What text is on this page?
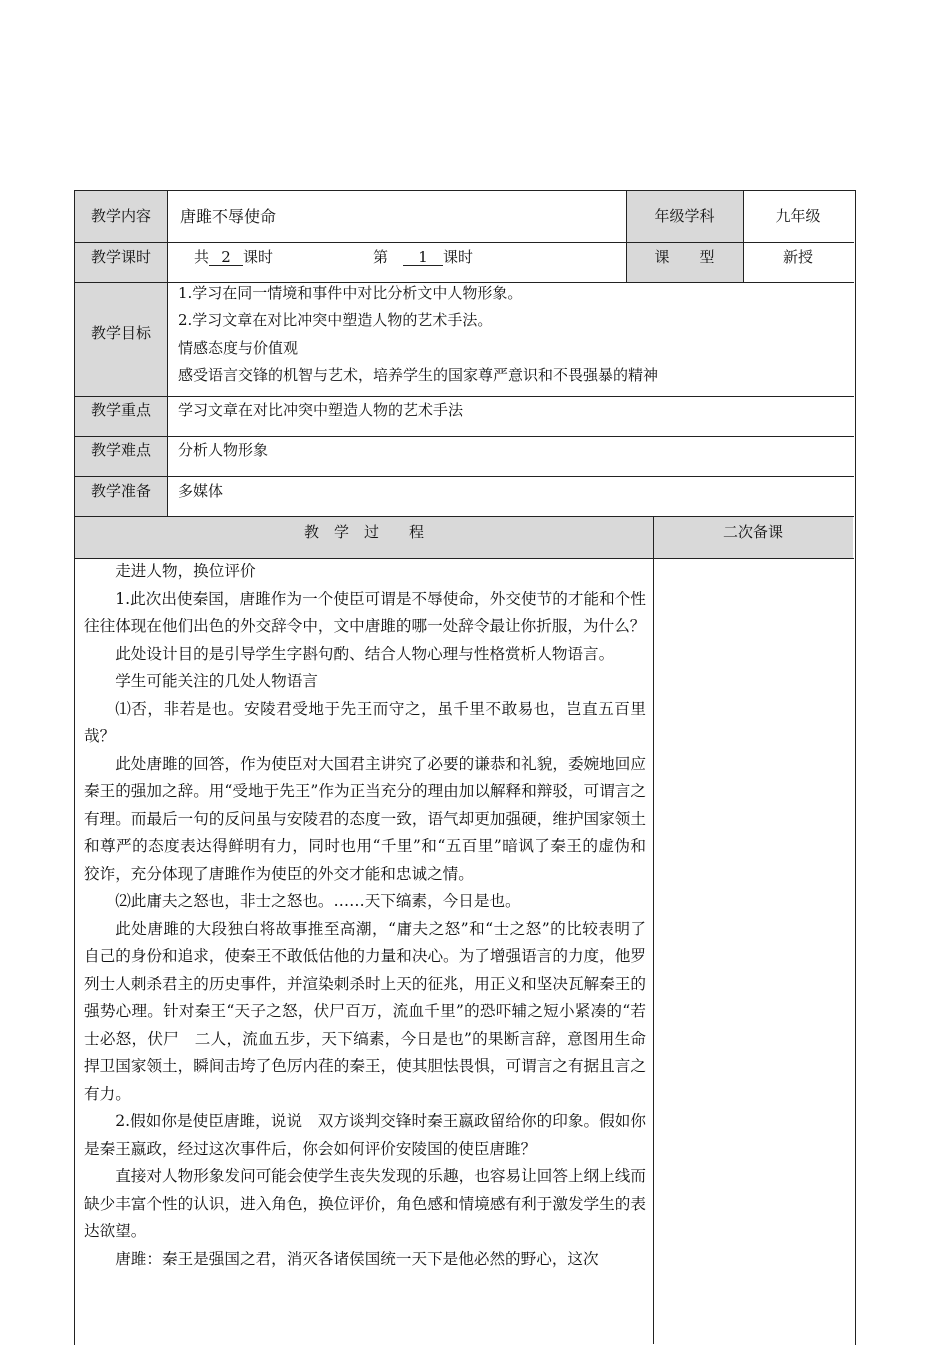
教学内容	唐雎不辱使命	年级学科	九年级
教学课时	共 2 课时	第　 1 课时	课　　型	新授
教学目标
1.学习在同一情境和事件中对比分析文中人物形象。
2.学习文章在对比冲突中塑造人物的艺术手法。
情感态度与价值观
感受语言交锋的机智与艺术，培养学生的国家尊严意识和不畏强暴的精神
教学重点	学习文章在对比冲突中塑造人物的艺术手法
教学难点	分析人物形象
教学准备	多媒体
教　学　过　　程	二次备课

走进人物，换位评价

1.此次出使秦国，唐雎作为一个使臣可谓是不辱使命，外交使节的才能和个性往往体现在他们出色的外交辞令中，文中唐雎的哪一处辞令最让你折服，为什么？

此处设计目的是引导学生字斟句酌、结合人物心理与性格赏析人物语言。

学生可能关注的几处人物语言

⑴否，非若是也。安陵君受地于先王而守之，虽千里不敢易也，岂直五百里哉？

此处唐雎的回答，作为使臣对大国君主讲究了必要的谦恭和礼貌，委婉地回应秦王的强加之辞。用“受地于先王”作为正当充分的理由加以解释和辩驳，可谓言之有理。而最后一句的反问虽与安陵君的态度一致，语气却更加强硬，维护国家领土和尊严的态度表达得鲜明有力，同时也用“千里”和“五百里”暗讽了秦王的虚伪和狡诈，充分体现了唐雎作为使臣的外交才能和忠诚之情。

⑵此庸夫之怒也，非士之怒也。……天下缟素，今日是也。

此处唐雎的大段独白将故事推至高潮，“庸夫之怒”和“士之怒”的比较表明了自己的身份和追求，使秦王不敢低估他的力量和决心。为了增强语言的力度，他罗列士人刺杀君主的历史事件，并渲染刺杀时上天的征兆，用正义和坚决瓦解秦王的强势心理。针对秦王“天子之怒，伏尸百万，流血千里”的恐吓辅之短小紧凑的“若士必怒，伏尸　二人，流血五步，天下缟素，今日是也”的果断言辞，意图用生命捍卫国家领土，瞬间击垮了色厉内荏的秦王，使其胆怯畏惧，可谓言之有据且言之有力。

2.假如你是使臣唐雎，说说　双方谈判交锋时秦王嬴政留给你的印象。假如你是秦王嬴政，经过这次事件后，你会如何评价安陵国的使臣唐雎？

直接对人物形象发问可能会使学生丧失发现的乐趣，也容易让回答上纲上线而缺少丰富个性的认识，进入角色，换位评价，角色感和情境感有利于激发学生的表达欲望。

唐雎：秦王是强国之君，消灭各诸侯国统一天下是他必然的野心，这次
